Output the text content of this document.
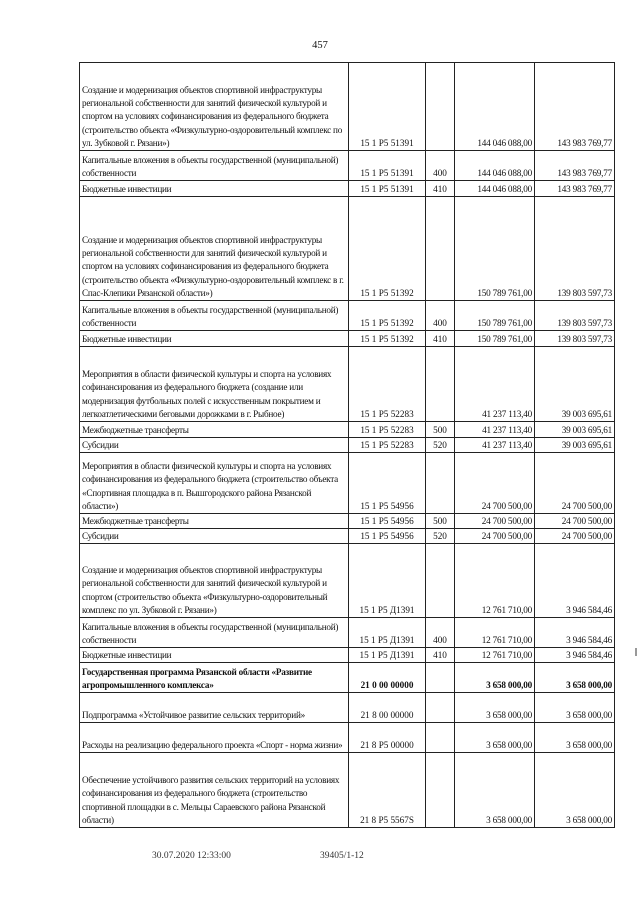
457
Создание и модернизация объектов спортивной инфраструктуры региональной собственности для занятий физической культурой и спортом на условиях софинансирования из федерального бюджета (строительство объекта «Физкультурно-оздоровительный комплекс по ул. Зубковой г. Рязани»)	15 1 Р5 51391		144 046 088,00	143 983 769,77
Капитальные вложения в объекты государственной (муниципальной) собственности	15 1 Р5 51391	400	144 046 088,00	143 983 769,77
Бюджетные инвестиции	15 1 Р5 51391	410	144 046 088,00	143 983 769,77
Создание и модернизация объектов спортивной инфраструктуры региональной собственности для занятий физической культурой и спортом на условиях софинансирования из федерального бюджета (строительство объекта «Физкультурно-оздоровительный комплекс в г. Спас-Клепики Рязанской области»)	15 1 Р5 51392		150 789 761,00	139 803 597,73
Капитальные вложения в объекты государственной (муниципальной) собственности	15 1 Р5 51392	400	150 789 761,00	139 803 597,73
Бюджетные инвестиции	15 1 Р5 51392	410	150 789 761,00	139 803 597,73
Мероприятия в области физической культуры и спорта на условиях софинансирования из федерального бюджета (создание или модернизация футбольных полей с искусственным покрытием и легкоатлетическими беговыми дорожками в г. Рыбное)	15 1 Р5 52283		41 237 113,40	39 003 695,61
Межбюджетные трансферты	15 1 Р5 52283	500	41 237 113,40	39 003 695,61
Субсидии	15 1 Р5 52283	520	41 237 113,40	39 003 695,61
Мероприятия в области физической культуры и спорта на условиях софинансирования из федерального бюджета (строительство объекта «Спортивная площадка в п. Вышгородского района Рязанской области»)	15 1 Р5 54956		24 700 500,00	24 700 500,00
Межбюджетные трансферты	15 1 Р5 54956	500	24 700 500,00	24 700 500,00
Субсидии	15 1 Р5 54956	520	24 700 500,00	24 700 500,00
Создание и модернизация объектов спортивной инфраструктуры региональной собственности для занятий физической культурой и спортом (строительство объекта «Физкультурно-оздоровительный комплекс по ул. Зубковой г. Рязани»)	15 1 Р5 Д1391		12 761 710,00	3 946 584,46
Капитальные вложения в объекты государственной (муниципальной) собственности	15 1 Р5 Д1391	400	12 761 710,00	3 946 584,46
Бюджетные инвестиции	15 1 Р5 Д1391	410	12 761 710,00	3 946 584,46
Государственная программа Рязанской области «Развитие агропромышленного комплекса»	21 0 00 00000		3 658 000,00	3 658 000,00
Подпрограмма «Устойчивое развитие сельских территорий»	21 8 00 00000		3 658 000,00	3 658 000,00
Расходы на реализацию федерального проекта «Спорт - норма жизни»	21 8 Р5 00000		3 658 000,00	3 658 000,00
Обеспечение устойчивого развития сельских территорий на условиях софинансирования из федерального бюджета (строительство спортивной площадки в с. Мельцы Сараевского района Рязанской области)	21 8 Р5 5567S		3 658 000,00	3 658 000,00
30.07.2020 12:33:00	39405/1-12
